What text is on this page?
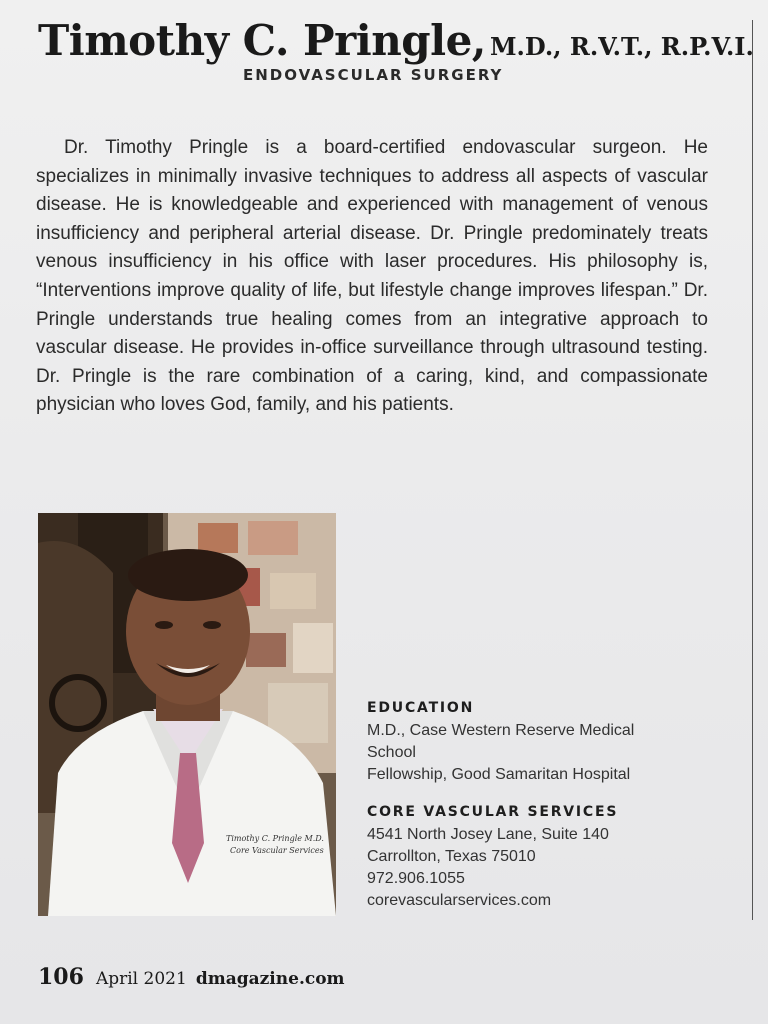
Timothy C. Pringle, M.D., R.V.T., R.P.V.I.
ENDOVASCULAR SURGERY

Dr. Timothy Pringle is a board-certified endovascular surgeon. He specializes in minimally invasive techniques to address all aspects of vascular disease. He is knowledgeable and experienced with management of venous insufficiency and peripheral arterial disease. Dr. Pringle predominately treats venous insufficiency in his office with laser procedures. His philosophy is, “Interventions improve quality of life, but lifestyle change improves lifespan.” Dr. Pringle understands true healing comes from an integrative approach to vascular disease. He provides in-office surveillance through ultrasound testing. Dr. Pringle is the rare combination of a caring, kind, and compassionate physician who loves God, family, and his patients.

Timothy C. Pringle M.D.
Core Vascular Services

EDUCATION

M.D., Case Western Reserve Medical

School

Fellowship, Good Samaritan Hospital

CORE VASCULAR SERVICES

4541 North Josey Lane, Suite 140

Carrollton, Texas 75010

972.906.1055

corevascularservices.com

106 April 2021 dmagazine.com
